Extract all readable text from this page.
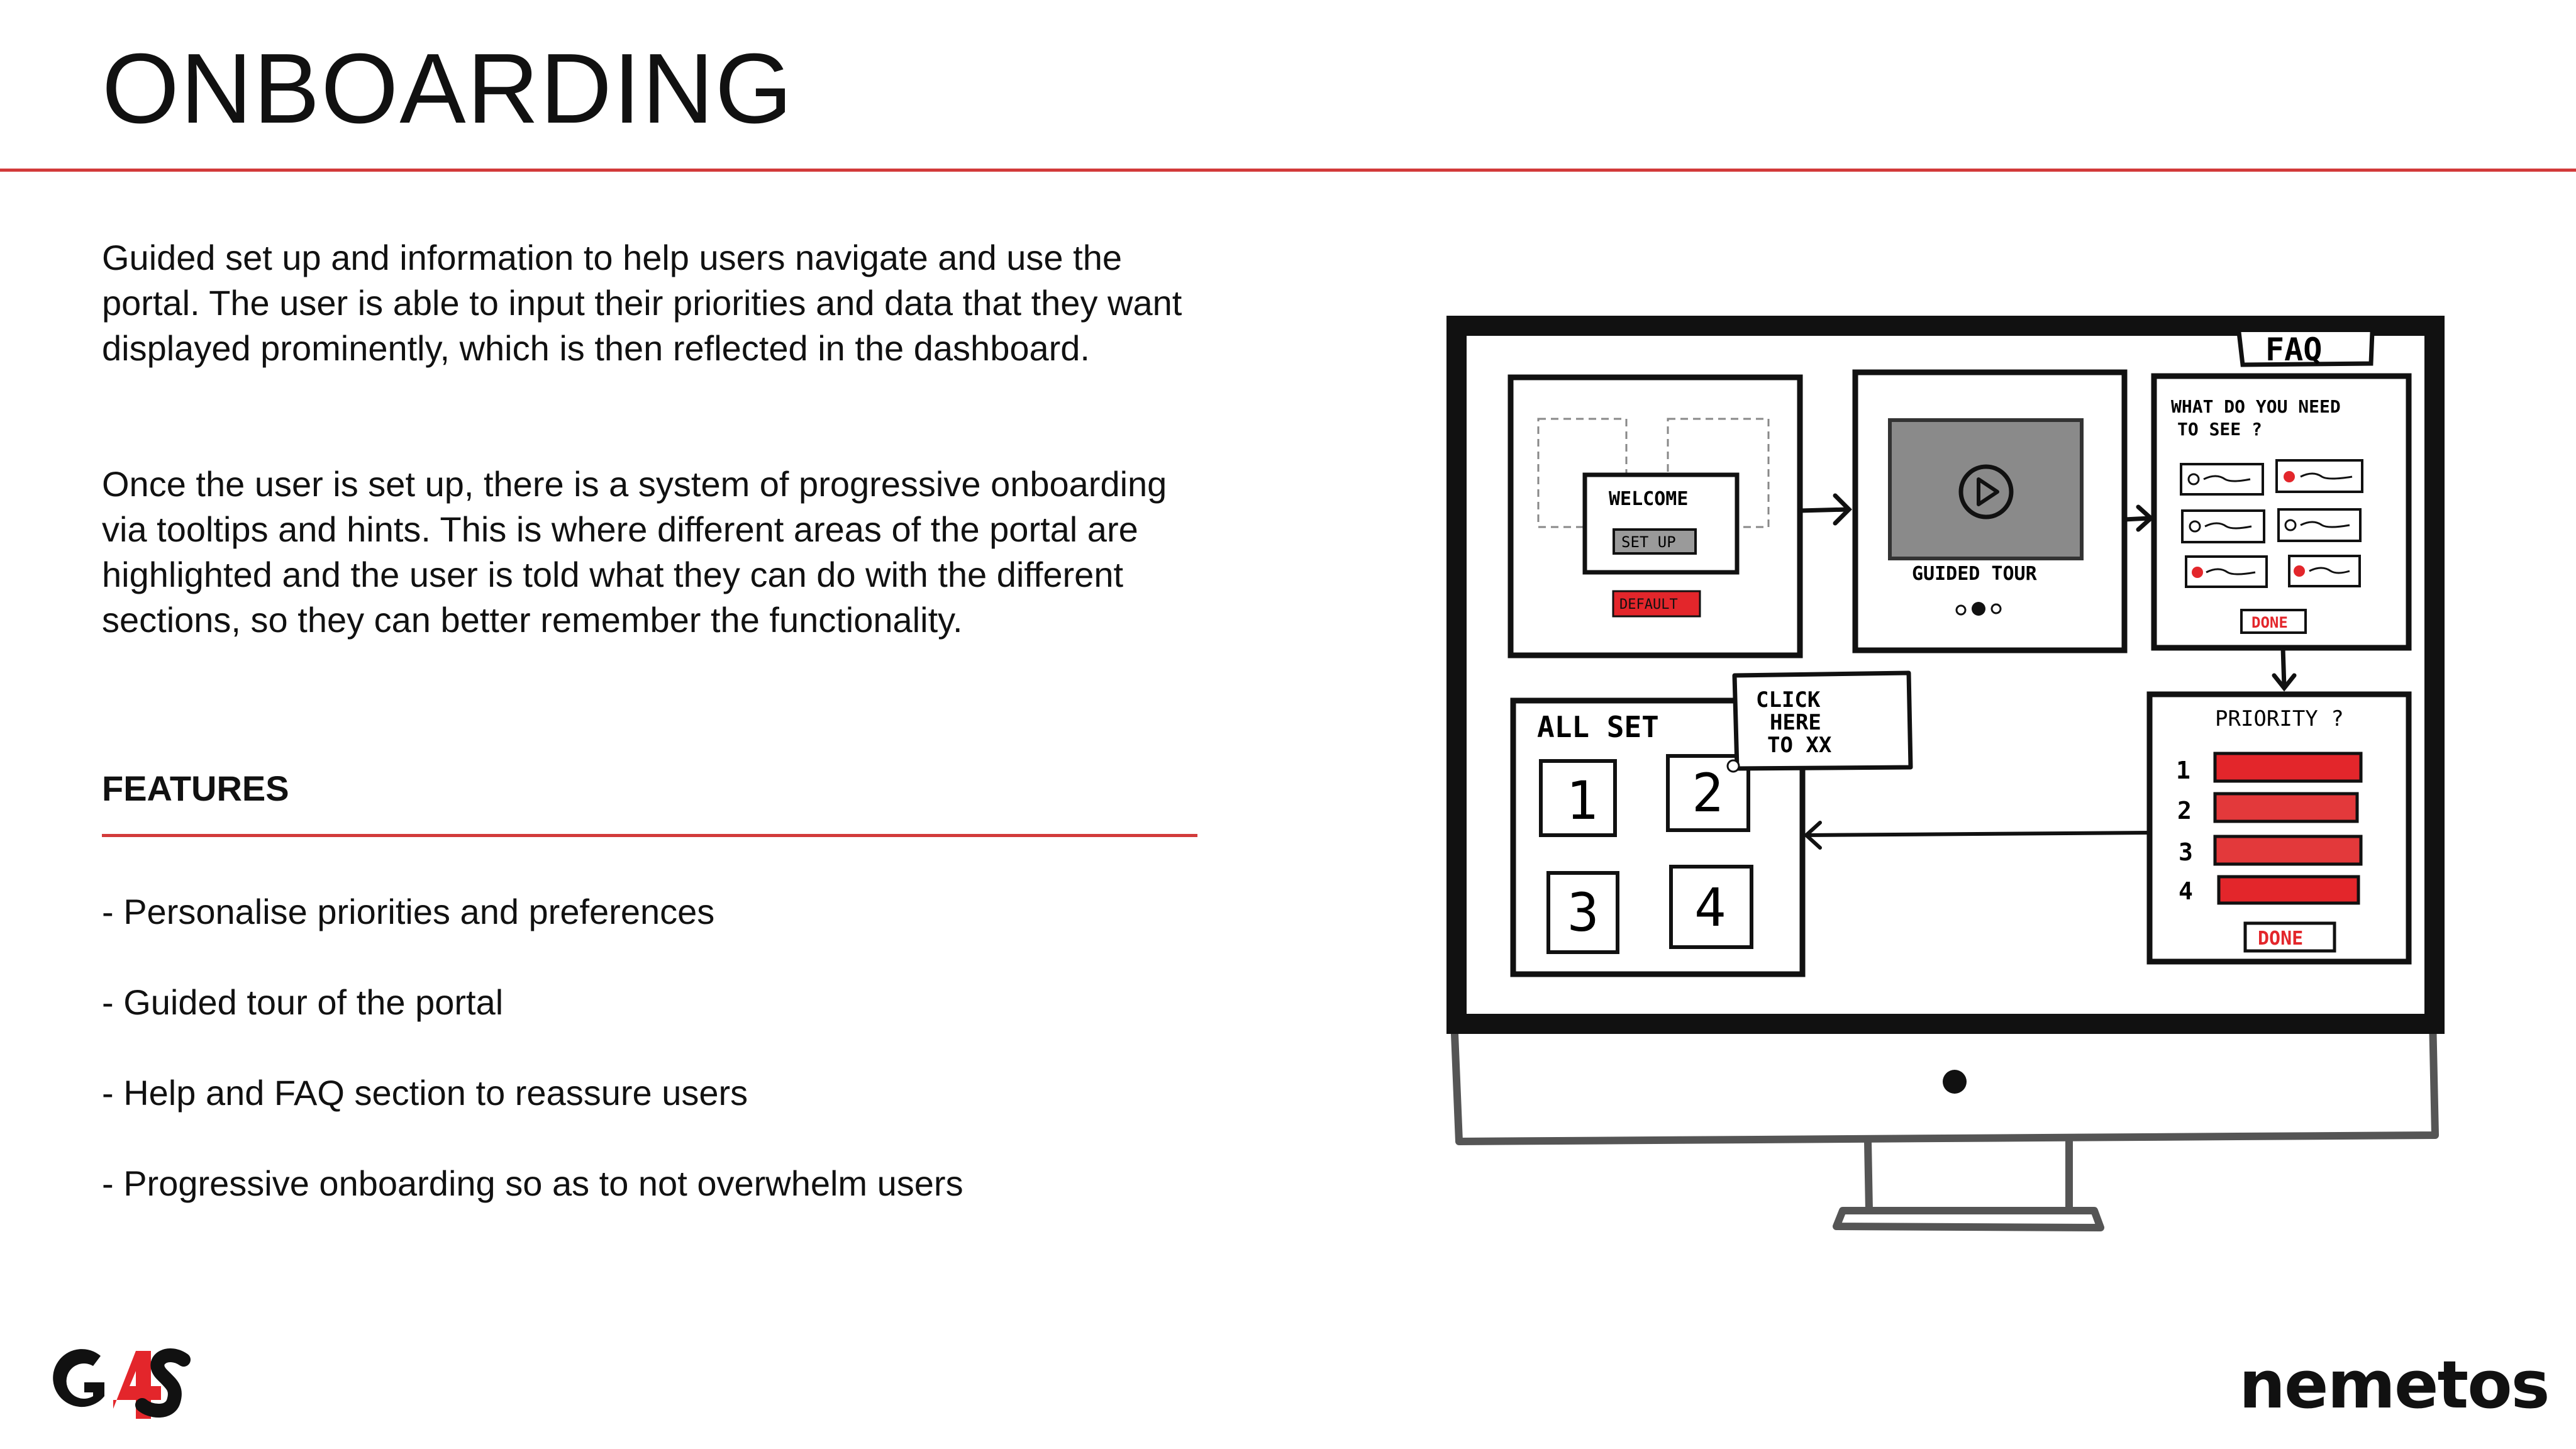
ONBOARDING

Guided set up and information to help users navigate and use the portal. The user is able to input their priorities and data that they want displayed prominently, which is then reflected in the dashboard.

Once the user is set up, there is a system of progressive onboarding via tooltips and hints. This is where different areas of the portal are highlighted and the user is told what they can do with the different sections, so they can better remember the functionality.

FEATURES
- Personalise priorities and preferences
- Guided tour of the portal
- Help and FAQ section to reassure users
- Progressive onboarding so as to not overwhelm users
FAQ
WELCOME
SET UP
DEFAULT
GUIDED TOUR
WHAT DO YOU NEED
TO SEE ?
DONE
PRIORITY ?
1
2
3
4
DONE
ALL SET
1 2
3 4
CLICK
HERE
TO XX
nemetos
